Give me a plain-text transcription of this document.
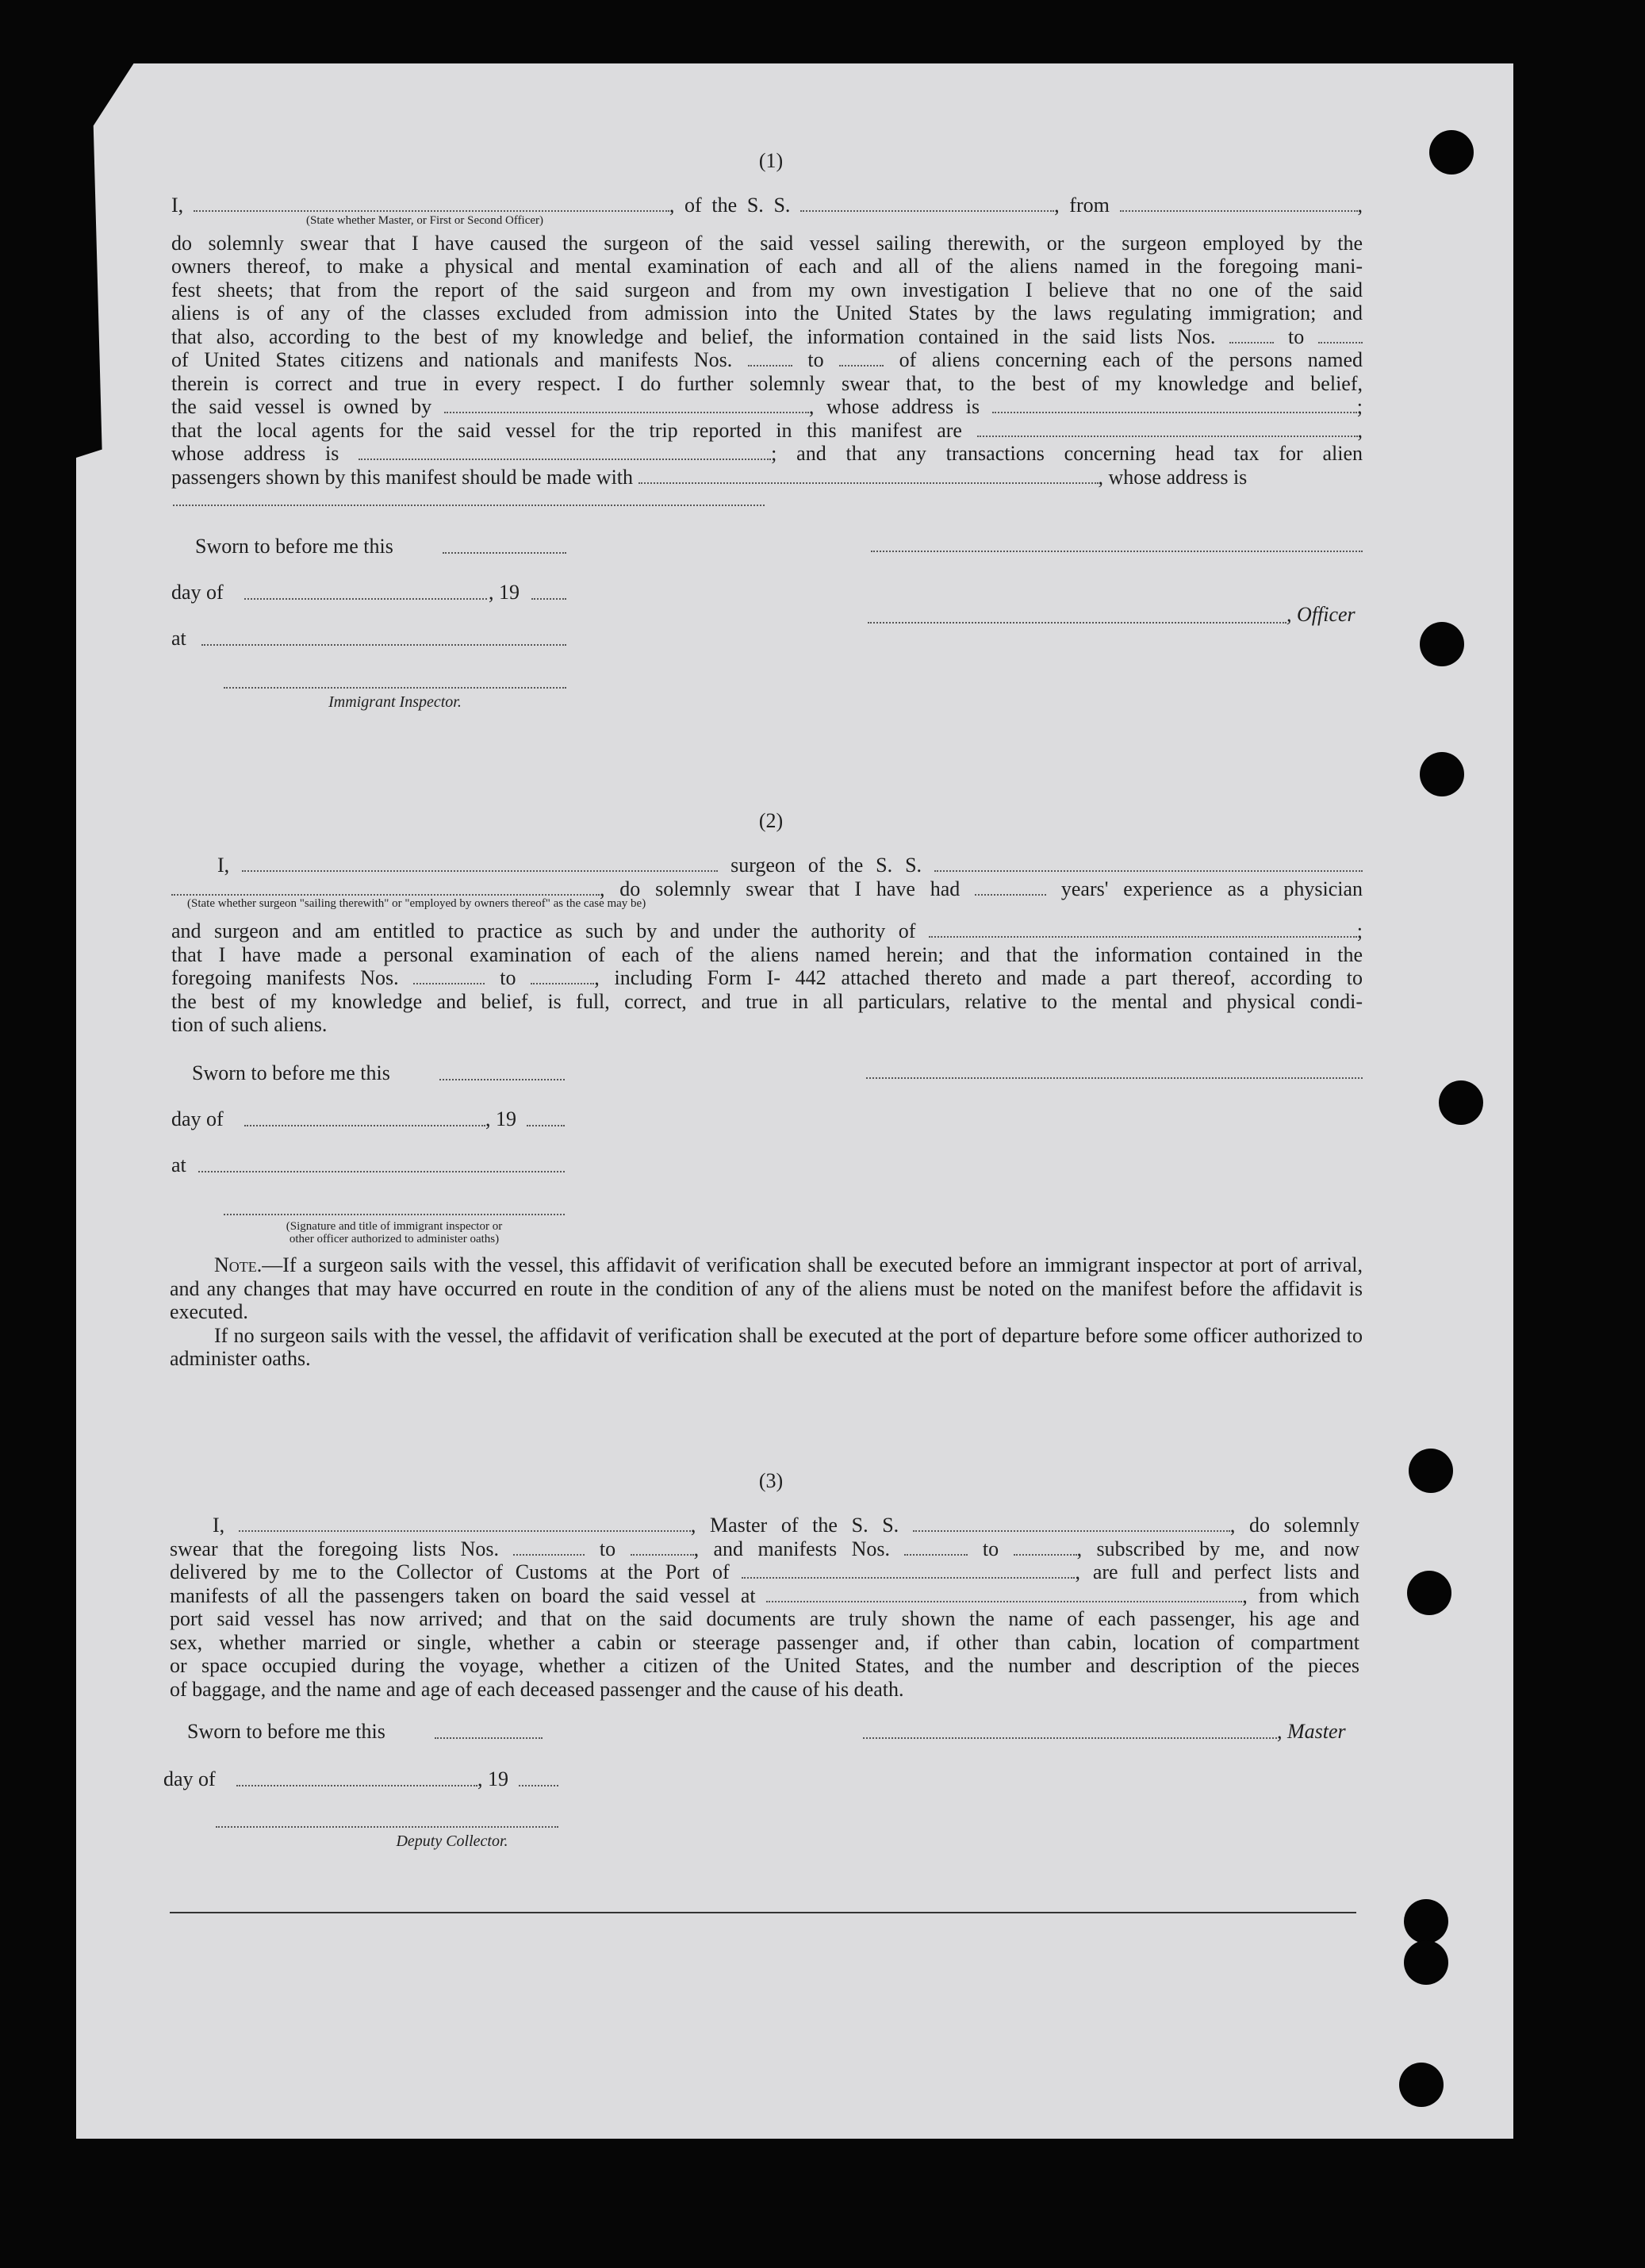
(1)
I,	, of the S. S.	, from	,
(State whether Master, or First or Second Officer)
do solemnly swear that I have caused the surgeon of the said vessel sailing therewith, or the surgeon employed by the
owners thereof, to make a physical and mental examination of each and all of the aliens named in the foregoing mani-
fest sheets; that from the report of the said surgeon and from my own investigation I believe that no one of the said
aliens is of any of the classes excluded from admission into the United States by the laws regulating immigration; and
that also, according to the best of my knowledge and belief, the information contained in the said lists Nos.	to
of United States citizens and nationals and manifests Nos.	to	of aliens concerning each of the persons named
therein is correct and true in every respect. I do further solemnly swear that, to the best of my knowledge and belief,
the said vessel is owned by	, whose address is	;
that the local agents for the said vessel for the trip reported in this manifest are	,
whose address is	; and that any transactions concerning head tax for alien
passengers shown by this manifest should be made with	, whose address is
Sworn to before me this
day of	, 19
at
, Officer
Immigrant Inspector.
(2)
I,	surgeon of the S. S.
, do solemnly swear that I have had	years' experience as a physician
(State whether surgeon "sailing therewith" or "employed by owners thereof" as the case may be)
and surgeon and am entitled to practice as such by and under the authority of	;
that I have made a personal examination of each of the aliens named herein; and that the information contained in the
foregoing manifests Nos.	to	, including Form I- 442 attached thereto and made a part thereof, according to
the best of my knowledge and belief, is full, correct, and true in all particulars, relative to the mental and physical condi-
tion of such aliens.
Sworn to before me this
day of	, 19
at
(Signature and title of immigrant inspector or
other officer authorized to administer oaths)

Note.—If a surgeon sails with the vessel, this affidavit of verification shall be executed before an immigrant inspector at port of arrival, and any changes that may have occurred en route in the condition of any of the aliens must be noted on the manifest before the affidavit is executed.

If no surgeon sails with the vessel, the affidavit of verification shall be executed at the port of departure before some officer authorized to administer oaths.

(3)
I,	, Master of the S. S.	, do solemnly
swear that the foregoing lists Nos.	to	, and manifests Nos.	to	, subscribed by me, and now
delivered by me to the Collector of Customs at the Port of	, are full and perfect lists and
manifests of all the passengers taken on board the said vessel at	, from which
port said vessel has now arrived; and that on the said documents are truly shown the name of each passenger, his age and
sex, whether married or single, whether a cabin or steerage passenger and, if other than cabin, location of compartment
or space occupied during the voyage, whether a citizen of the United States, and the number and description of the pieces
of baggage, and the name and age of each deceased passenger and the cause of his death.
Sworn to before me this	, Master
day of	, 19
Deputy Collector.
